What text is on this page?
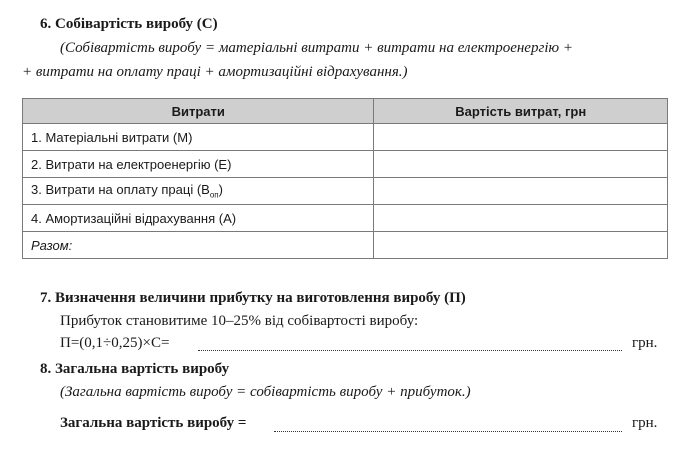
6. Собівартість виробу (С)
(Собівартість виробу = матеріальні витрати + витрати на електроенергію +
+ витрати на оплату праці + амортизаційні відрахування.)
Витрати	Вартість витрат, грн
1. Матеріальні витрати (М)	
2. Витрати на електроенергію (Е)	
3. Витрати на оплату праці $(В_{оп})$	
4. Амортизаційні відрахування (А)	
Разом:	
7. Визначення величини прибутку на виготовлення виробу (П)
Прибуток становитиме 10–25% від собівартості виробу:
П=(0,1÷0,25)×С=	грн.
8. Загальна вартість виробу
(Загальна вартість виробу = собівартість виробу + прибуток.)
Загальна вартість виробу =	грн.
